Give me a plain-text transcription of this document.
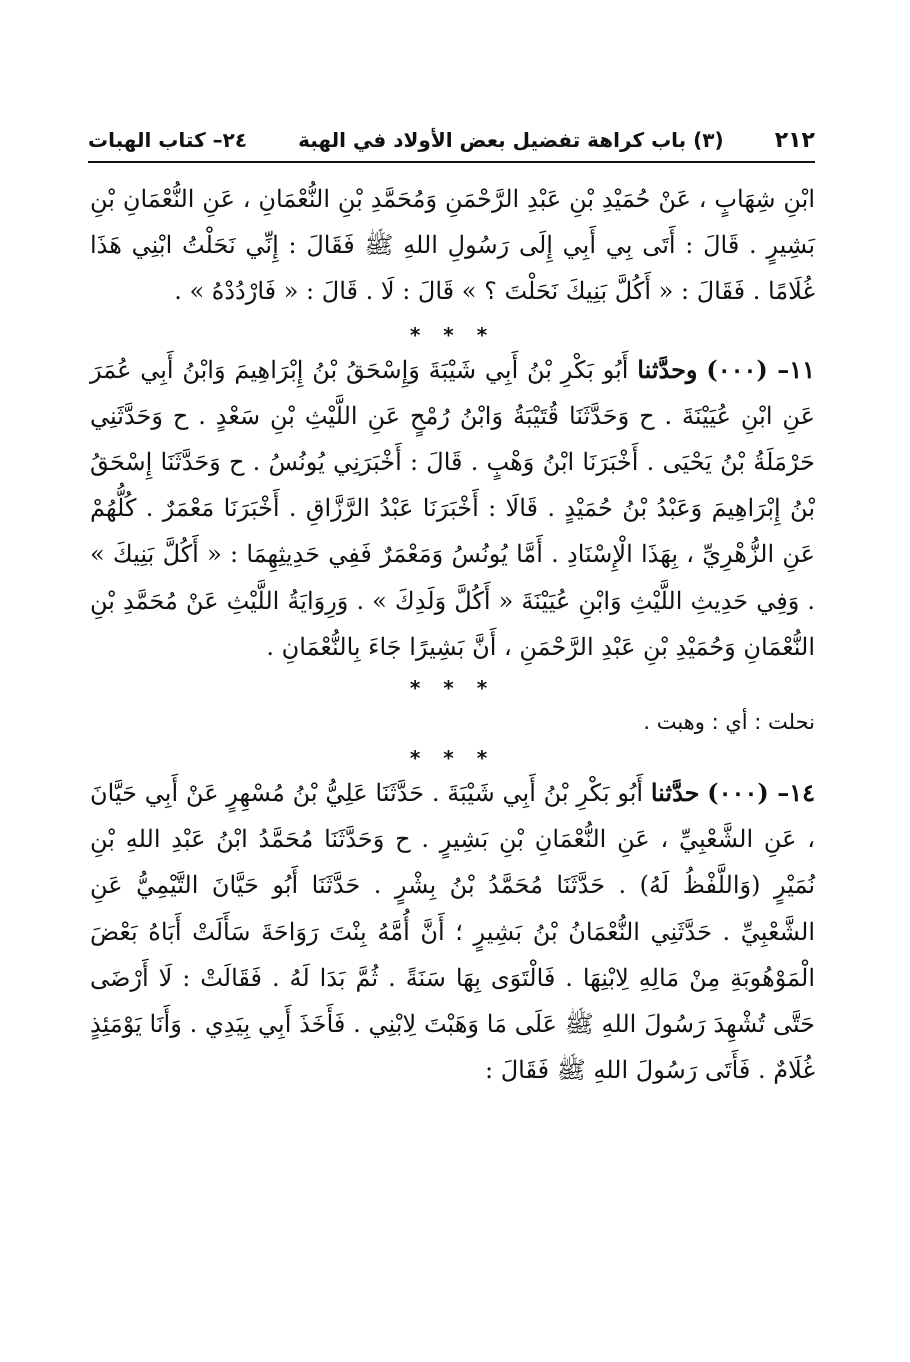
٢١٢
(٣) باب كراهة تفضيل بعض الأولاد في الهبة
٢٤– كتاب الهبات

ابْنِ شِهَابٍ ، عَنْ حُمَيْدِ بْنِ عَبْدِ الرَّحْمَنِ وَمُحَمَّدِ بْنِ النُّعْمَانِ ، عَنِ النُّعْمَانِ بْنِ بَشِيرٍ . قَالَ : أَتَى بِي أَبِي إِلَى رَسُولِ اللهِ ﷺ فَقَالَ : إِنِّي نَحَلْتُ ابْنِي هَذَا غُلَامًا . فَقَالَ : « أَكُلَّ بَنِيكَ نَحَلْتَ ؟ » قَالَ : لَا . قَالَ : « فَارْدُدْهُ » .

* * *

١١– (٠٠٠) وحدَّثنا أَبُو بَكْرِ بْنُ أَبِي شَيْبَةَ وَإِسْحَقُ بْنُ إِبْرَاهِيمَ وَابْنُ أَبِي عُمَرَ عَنِ ابْنِ عُيَيْنَةَ . ح وَحَدَّثَنَا قُتَيْبَةُ وَابْنُ رُمْحٍ عَنِ اللَّيْثِ بْنِ سَعْدٍ . ح وَحَدَّثَنِي حَرْمَلَةُ بْنُ يَحْيَى . أَخْبَرَنَا ابْنُ وَهْبٍ . قَالَ : أَخْبَرَنِي يُونُسُ . ح وَحَدَّثَنَا إِسْحَقُ بْنُ إِبْرَاهِيمَ وَعَبْدُ بْنُ حُمَيْدٍ . قَالَا : أَخْبَرَنَا عَبْدُ الرَّزَّاقِ . أَخْبَرَنَا مَعْمَرٌ . كُلُّهُمْ عَنِ الزُّهْرِيِّ ، بِهَذَا الْإِسْنَادِ . أَمَّا يُونُسُ وَمَعْمَرٌ فَفِي حَدِيثِهِمَا : « أَكُلَّ بَنِيكَ » . وَفِي حَدِيثِ اللَّيْثِ وَابْنِ عُيَيْنَةَ « أَكُلَّ وَلَدِكَ » . وَرِوَايَةُ اللَّيْثِ عَنْ مُحَمَّدِ بْنِ النُّعْمَانِ وَحُمَيْدِ بْنِ عَبْدِ الرَّحْمَنِ ، أَنَّ بَشِيرًا جَاءَ بِالنُّعْمَانِ .

* * *

نحلت : أي : وهبت .

* * *

١٤– (٠٠٠) حدَّثنا أَبُو بَكْرِ بْنُ أَبِي شَيْبَةَ . حَدَّثَنَا عَلِيُّ بْنُ مُسْهِرٍ عَنْ أَبِي حَيَّانَ ، عَنِ الشَّعْبِيِّ ، عَنِ النُّعْمَانِ بْنِ بَشِيرٍ . ح وَحَدَّثَنَا مُحَمَّدُ ابْنُ عَبْدِ اللهِ بْنِ نُمَيْرٍ (وَاللَّفْظُ لَهُ) . حَدَّثَنَا مُحَمَّدُ بْنُ بِشْرٍ . حَدَّثَنَا أَبُو حَيَّانَ التَّيْمِيُّ عَنِ الشَّعْبِيِّ . حَدَّثَنِي النُّعْمَانُ بْنُ بَشِيرٍ ؛ أَنَّ أُمَّهُ بِنْتَ رَوَاحَةَ سَأَلَتْ أَبَاهُ بَعْضَ الْمَوْهُوبَةِ مِنْ مَالِهِ لِابْنِهَا . فَالْتَوَى بِهَا سَنَةً . ثُمَّ بَدَا لَهُ . فَقَالَتْ : لَا أَرْضَى حَتَّى تُشْهِدَ رَسُولَ اللهِ ﷺ عَلَى مَا وَهَبْتَ لِابْنِي . فَأَخَذَ أَبِي بِيَدِي . وَأَنَا يَوْمَئِذٍ غُلَامٌ . فَأَتَى رَسُولَ اللهِ ﷺ فَقَالَ :
